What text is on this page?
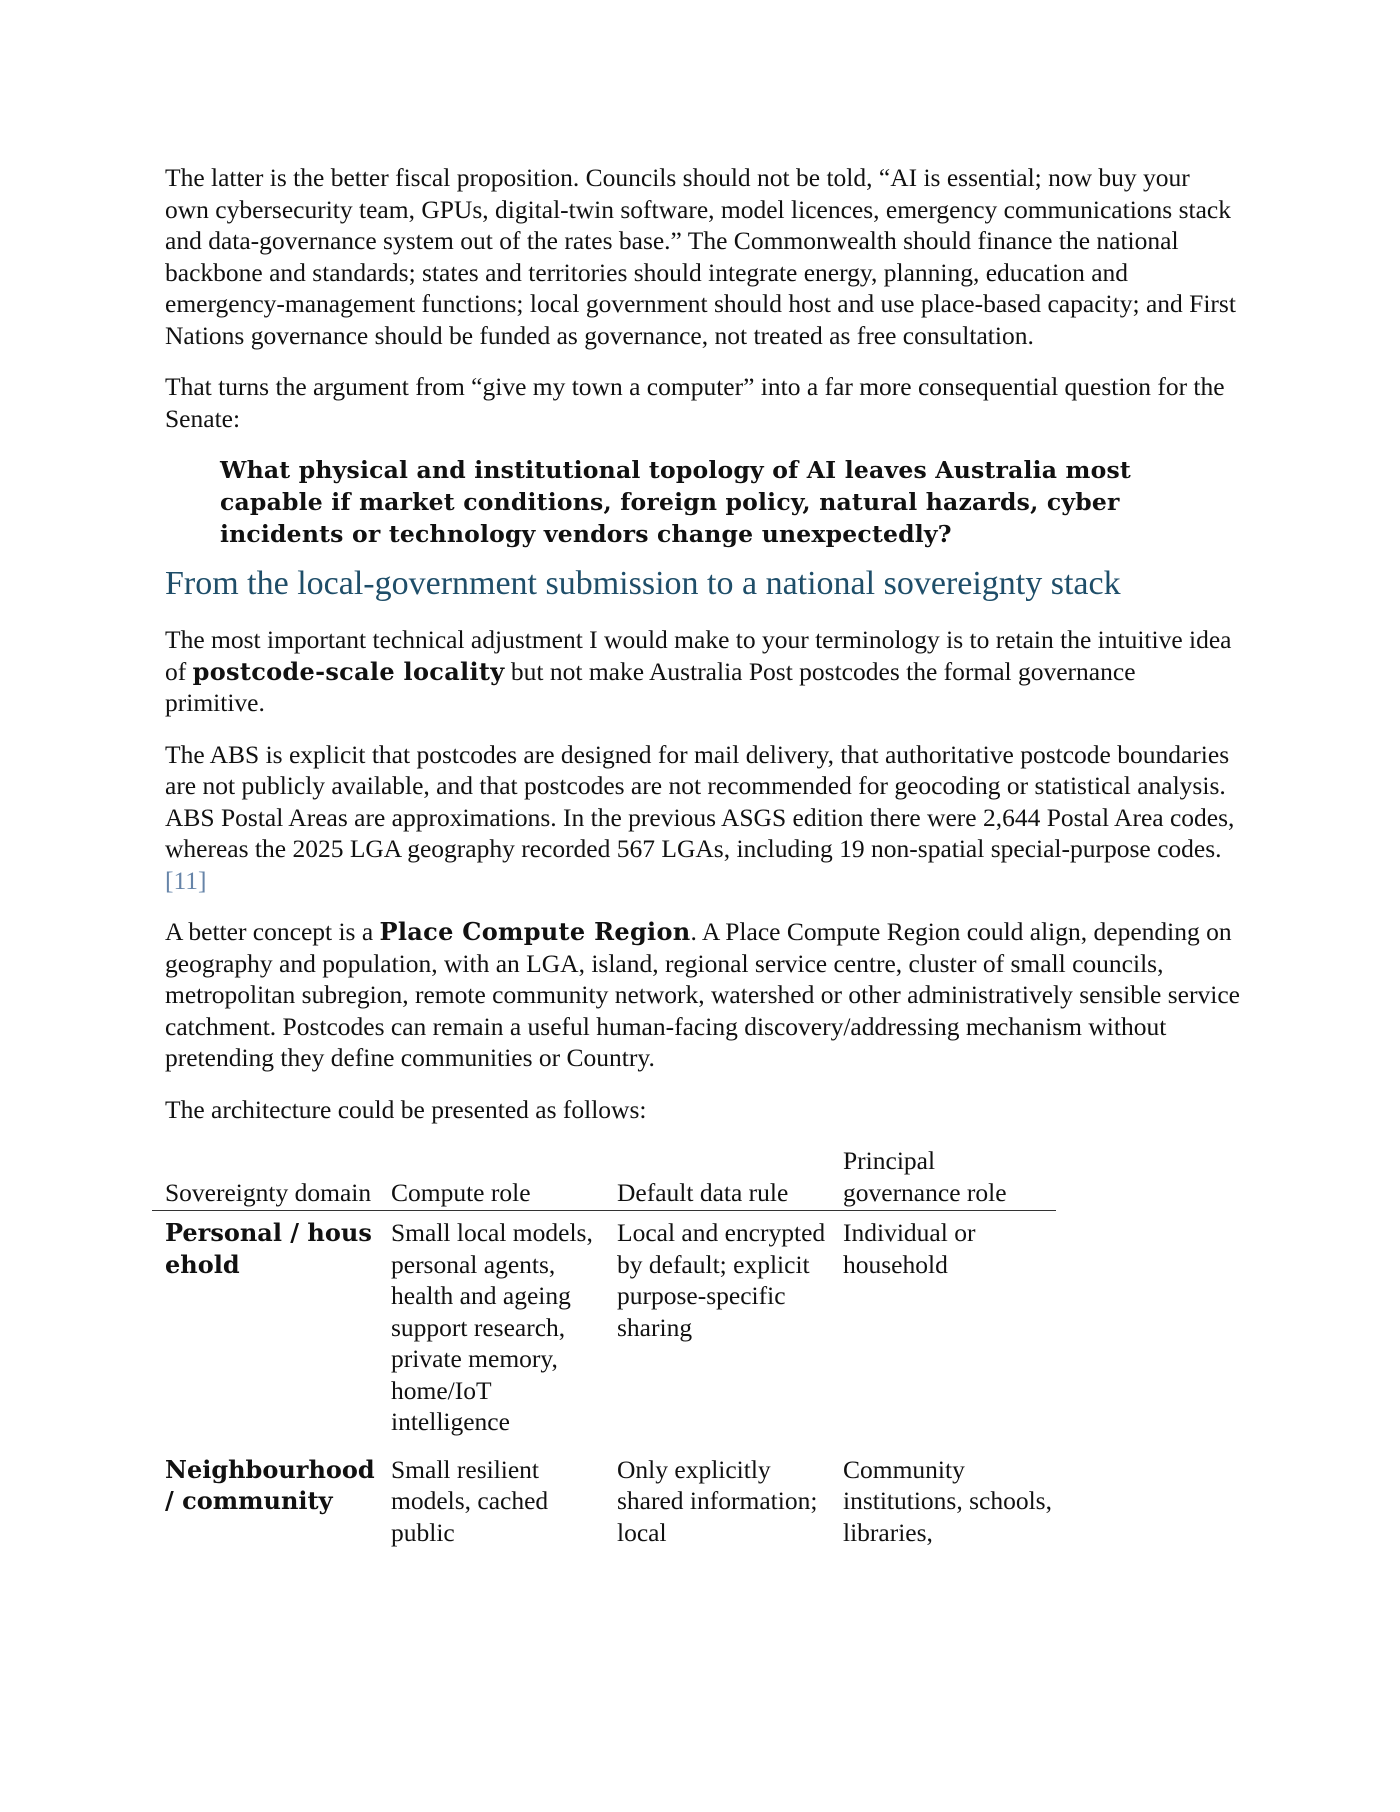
The latter is the better fiscal proposition. Councils should not be told, “AI is essential; now buy your own cybersecurity team, GPUs, digital-twin software, model licences, emergency communications stack and data-governance system out of the rates base.” The Commonwealth should finance the national backbone and standards; states and territories should integrate energy, planning, education and emergency-management functions; local government should host and use place-based capacity; and First Nations governance should be funded as governance, not treated as free consultation.

That turns the argument from “give my town a computer” into a far more consequential question for the Senate:

What physical and institutional topology of AI leaves Australia most capable if market conditions, foreign policy, natural hazards, cyber incidents or technology vendors change unexpectedly?
From the local-government submission to a national sovereignty stack

The most important technical adjustment I would make to your terminology is to retain the intuitive idea of postcode-scale locality but not make Australia Post postcodes the formal governance primitive.

The ABS is explicit that postcodes are designed for mail delivery, that authoritative postcode boundaries are not publicly available, and that postcodes are not recommended for geocoding or statistical analysis. ABS Postal Areas are approximations. In the previous ASGS edition there were 2,644 Postal Area codes, whereas the 2025 LGA geography recorded 567 LGAs, including 19 non-spatial special-purpose codes. [11]

A better concept is a Place Compute Region. A Place Compute Region could align, depending on geography and population, with an LGA, island, regional service centre, cluster of small councils, metropolitan subregion, remote community network, watershed or other administratively sensible service catchment. Postcodes can remain a useful human-facing discovery/addressing mechanism without pretending they define communities or Country.

The architecture could be presented as follows:

Sovereignty domain	Compute role	Default data rule	Principal governance role
Personal / household	Small local models, personal agents, health and ageing support research, private memory, home/IoT intelligence	Local and encrypted by default; explicit purpose-specific sharing	Individual or household
Neighbourhood / community	Small resilient models, cached public	Only explicitly shared information; local	Community institutions, schools, libraries,
